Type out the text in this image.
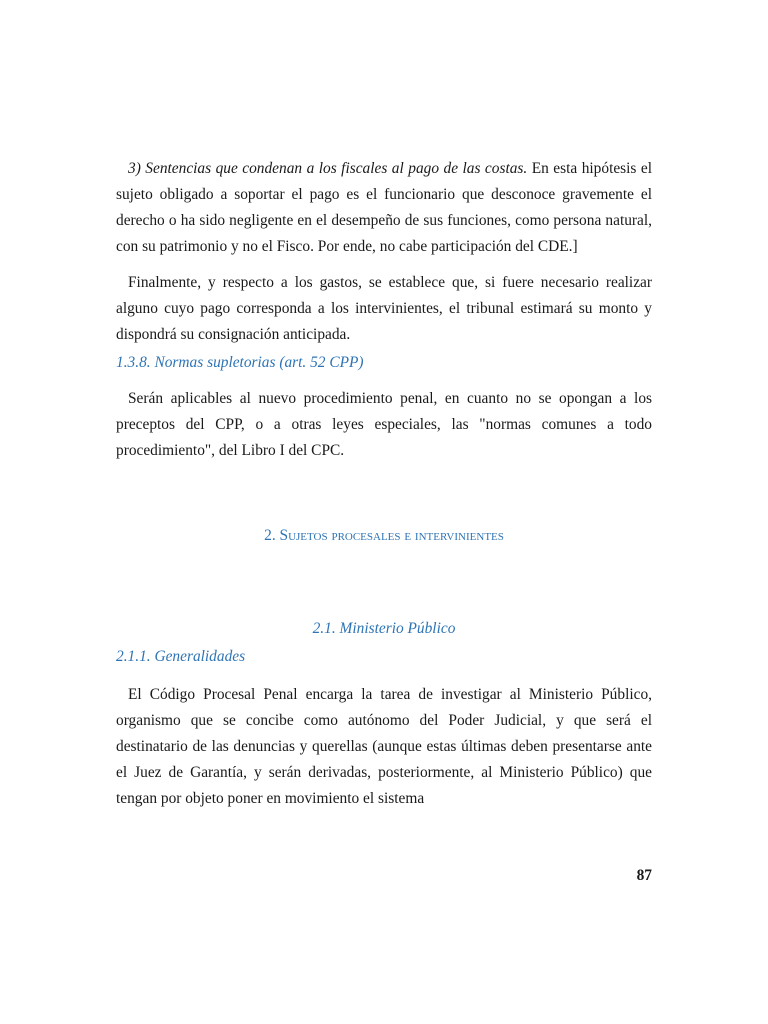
3) Sentencias que condenan a los fiscales al pago de las costas. En esta hipótesis el sujeto obligado a soportar el pago es el funcionario que desconoce gravemente el derecho o ha sido negligente en el desempeño de sus funciones, como persona natural, con su patrimonio y no el Fisco. Por ende, no cabe participación del CDE.]

Finalmente, y respecto a los gastos, se establece que, si fuere necesario realizar alguno cuyo pago corresponda a los intervinientes, el tribunal estimará su monto y dispondrá su consignación anticipada.

1.3.8. Normas supletorias (art. 52 CPP)

Serán aplicables al nuevo procedimiento penal, en cuanto no se opongan a los preceptos del CPP, o a otras leyes especiales, las "normas comunes a todo procedimiento", del Libro I del CPC.

2. Sujetos procesales e intervinientes
2.1. Ministerio Público
2.1.1. Generalidades

El Código Procesal Penal encarga la tarea de investigar al Ministerio Público, organismo que se concibe como autónomo del Poder Judicial, y que será el destinatario de las denuncias y querellas (aunque estas últimas deben presentarse ante el Juez de Garantía, y serán derivadas, posteriormente, al Ministerio Público) que tengan por objeto poner en movimiento el sistema

87
